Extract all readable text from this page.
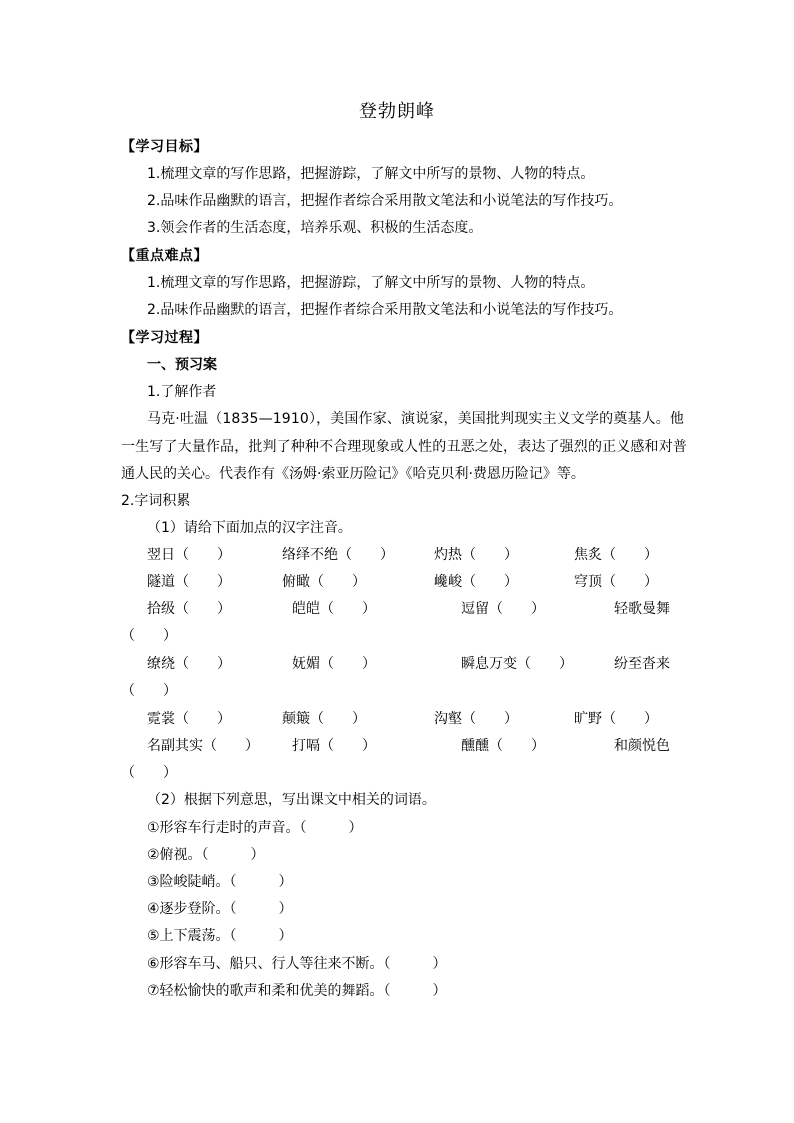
登勃朗峰
【学习目标】
1.梳理文章的写作思路，把握游踪，了解文中所写的景物、人物的特点。
2.品味作品幽默的语言，把握作者综合采用散文笔法和小说笔法的写作技巧。
3.领会作者的生活态度，培养乐观、积极的生活态度。
【重点难点】
1.梳理文章的写作思路，把握游踪，了解文中所写的景物、人物的特点。
2.品味作品幽默的语言，把握作者综合采用散文笔法和小说笔法的写作技巧。
【学习过程】
一、预习案
1.了解作者
马克·吐温（1835—1910），美国作家、演说家，美国批判现实主义文学的奠基人。他
一生写了大量作品，批判了种种不合理现象或人性的丑恶之处，表达了强烈的正义感和对普
通人民的关心。代表作有《汤姆·索亚历险记》《哈克贝利·费恩历险记》等。
2.字词积累
（1）请给下面加点的汉字注音。
翌日（　　）	络绎不绝（　　）	灼热（　　）	焦炙（　　）
隧道（　　）	俯瞰（　　）	巉峻（　　）	穹顶（　　）
拾级（　　）	皑皑（　　）	逗留（　　）	轻歌曼舞
（　　）
缭绕（　　）	妩媚（　　）	瞬息万变（　　）	纷至沓来
（　　）
霓裳（　　）	颠簸（　　）	沟壑（　　）	旷野（　　）
名副其实（　　） 打嗝（　　）	醺醺（　　）	和颜悦色
（　　）
（2）根据下列意思，写出课文中相关的词语。
①形容车行走时的声音。（　　　）
②俯视。（　　　）
③险峻陡峭。（　　　）
④逐步登阶。（　　　）
⑤上下震荡。（　　　）
⑥形容车马、船只、行人等往来不断。（　　　）
⑦轻松愉快的歌声和柔和优美的舞蹈。（　　　）
